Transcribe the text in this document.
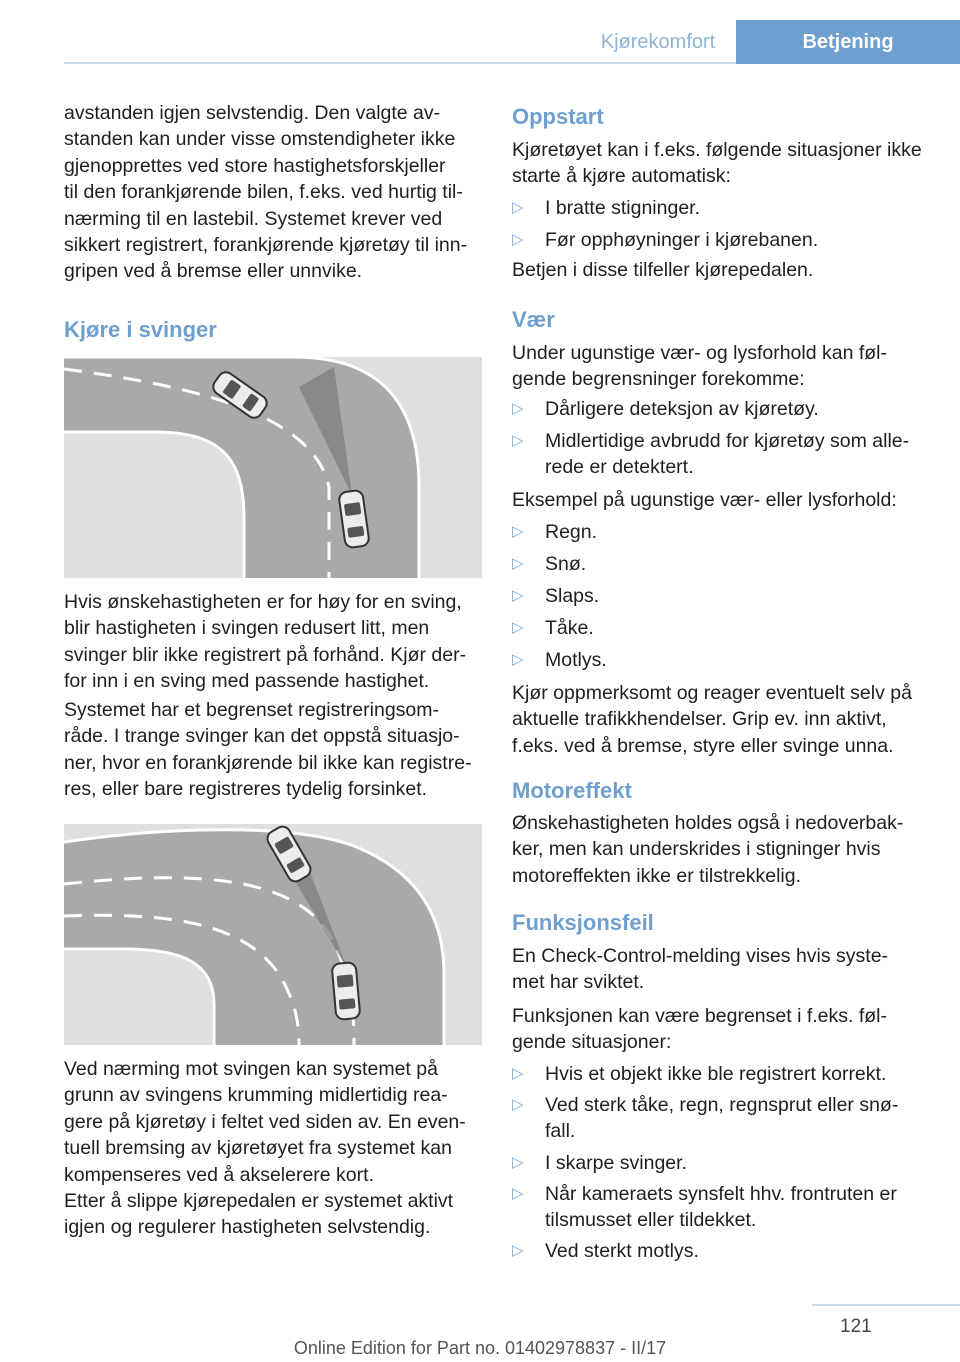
Kjørekomfort	Betjening

avstanden igjen selvstendig. Den valgte av-
standen kan under visse omstendigheter ikke
gjenopprettes ved store hastighetsforskjeller
til den forankjørende bilen, f.eks. ved hurtig til-
nærming til en lastebil. Systemet krever ved
sikkert registrert, forankjørende kjøretøy til inn-
gripen ved å bremse eller unnvike.

Kjøre i svinger

Hvis ønskehastigheten er for høy for en sving,
blir hastigheten i svingen redusert litt, men
svinger blir ikke registrert på forhånd. Kjør der-
for inn i en sving med passende hastighet.

Systemet har et begrenset registreringsom-
råde. I trange svinger kan det oppstå situasjo-
ner, hvor en forankjørende bil ikke kan registre-
res, eller bare registreres tydelig forsinket.

Ved nærming mot svingen kan systemet på
grunn av svingens krumming midlertidig rea-
gere på kjøretøy i feltet ved siden av. En even-
tuell bremsing av kjøretøyet fra systemet kan
kompenseres ved å akselerere kort.

Etter å slippe kjørepedalen er systemet aktivt
igjen og regulerer hastigheten selvstendig.

Oppstart

Kjøretøyet kan i f.eks. følgende situasjoner ikke
starte å kjøre automatisk:

▷ I bratte stigninger.
▷ Før opphøyninger i kjørebanen.

Betjen i disse tilfeller kjørepedalen.

Vær

Under ugunstige vær- og lysforhold kan føl-
gende begrensninger forekomme:

▷ Dårligere deteksjon av kjøretøy.
▷ Midlertidige avbrudd for kjøretøy som alle-
rede er detektert.

Eksempel på ugunstige vær- eller lysforhold:

▷ Regn.
▷ Snø.
▷ Slaps.
▷ Tåke.
▷ Motlys.

Kjør oppmerksomt og reager eventuelt selv på
aktuelle trafikkhendelser. Grip ev. inn aktivt,
f.eks. ved å bremse, styre eller svinge unna.

Motoreffekt

Ønskehastigheten holdes også i nedoverbak-
ker, men kan underskrides i stigninger hvis
motoreffekten ikke er tilstrekkelig.

Funksjonsfeil

En Check-Control-melding vises hvis syste-
met har sviktet.

Funksjonen kan være begrenset i f.eks. føl-
gende situasjoner:

▷ Hvis et objekt ikke ble registrert korrekt.
▷ Ved sterk tåke, regn, regnsprut eller snø-
fall.
▷ I skarpe svinger.
▷ Når kameraets synsfelt hhv. frontruten er
tilsmusset eller tildekket.
▷ Ved sterkt motlys.
121
Online Edition for Part no. 01402978837 - II/17
